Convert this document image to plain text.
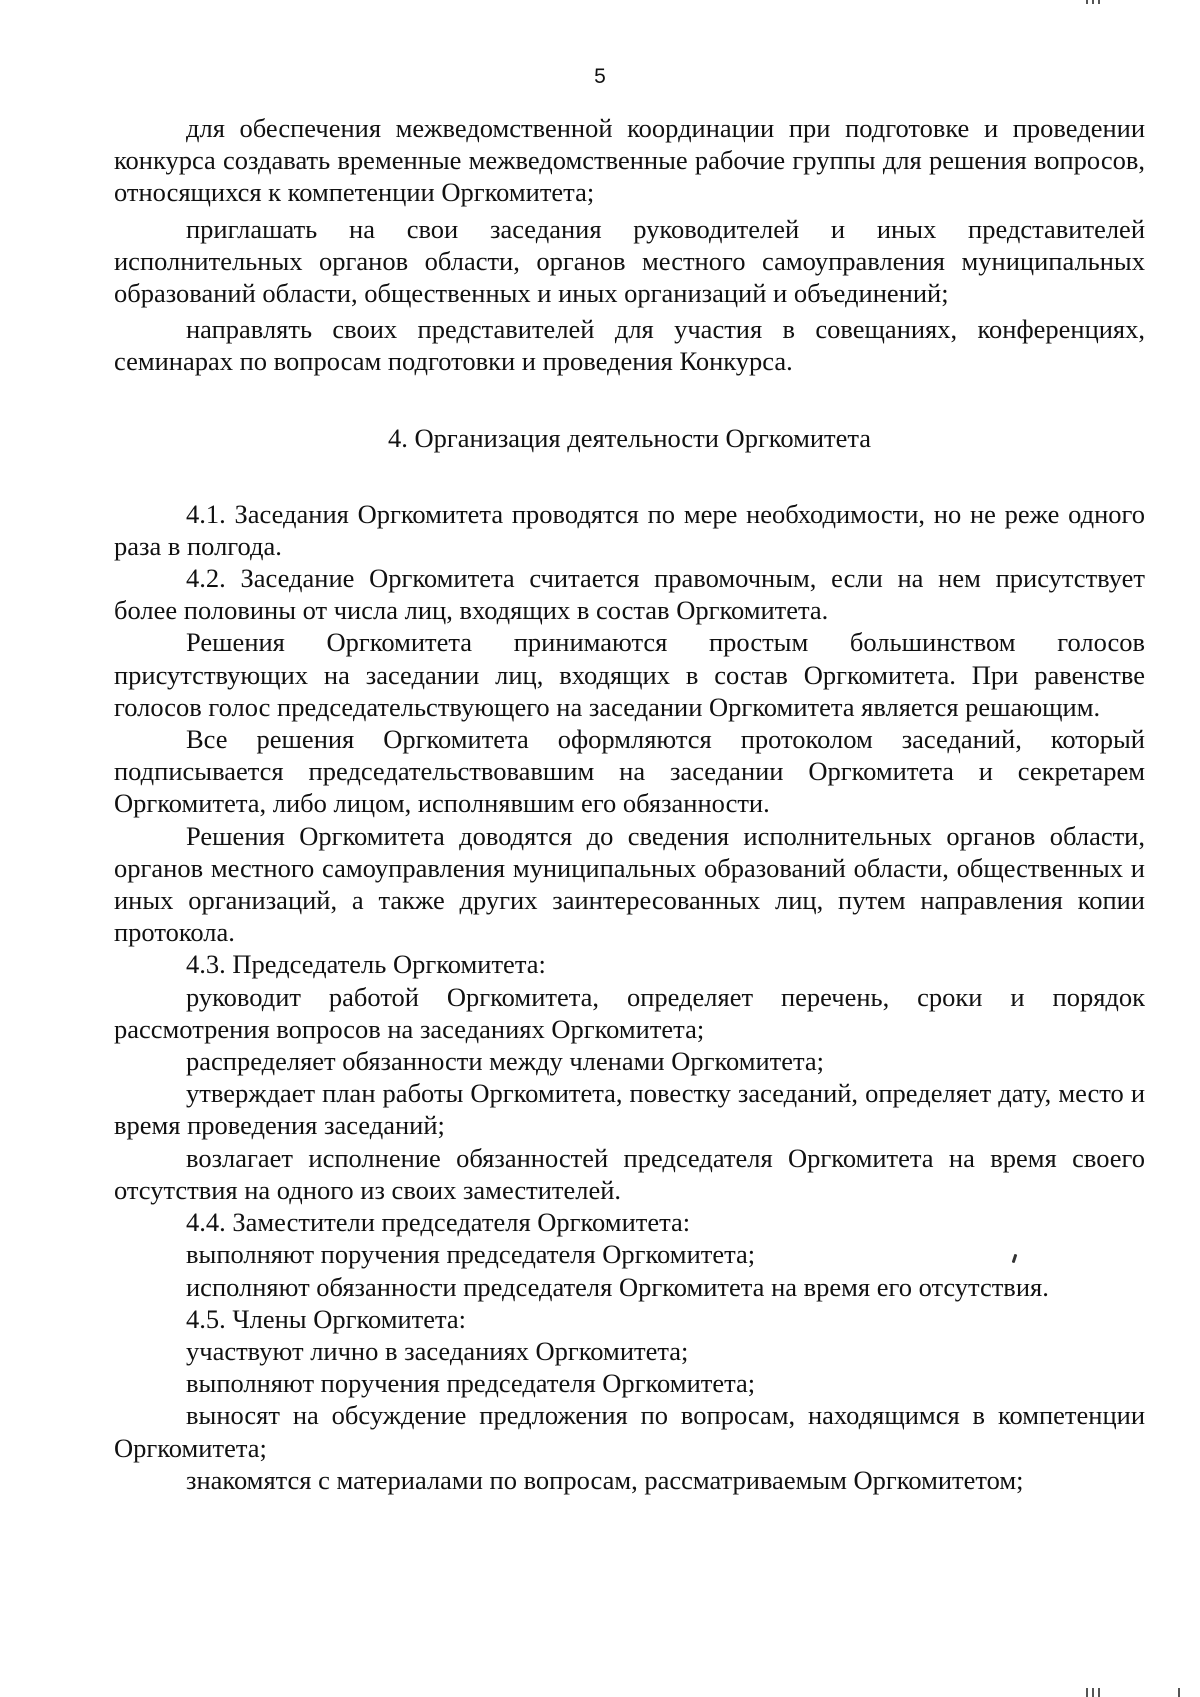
5

для обеспечения межведомственной координации при подготовке и проведении конкурса создавать временные межведомственные рабочие группы для решения вопросов, относящихся к компетенции Оргкомитета;

приглашать на свои заседания руководителей и иных представителей исполнительных органов области, органов местного самоуправления муниципальных образований области, общественных и иных организаций и объединений;

направлять своих представителей для участия в совещаниях, конференциях, семинарах по вопросам подготовки и проведения Конкурса.

4. Организация деятельности Оргкомитета

4.1. Заседания Оргкомитета проводятся по мере необходимости, но не реже одного раза в полгода.

4.2. Заседание Оргкомитета считается правомочным, если на нем присутствует более половины от числа лиц, входящих в состав Оргкомитета.

Решения Оргкомитета принимаются простым большинством голосов присутствующих на заседании лиц, входящих в состав Оргкомитета. При равенстве голосов голос председательствующего на заседании Оргкомитета является решающим.

Все решения Оргкомитета оформляются протоколом заседаний, который подписывается председательствовавшим на заседании Оргкомитета и секретарем Оргкомитета, либо лицом, исполнявшим его обязанности.

Решения Оргкомитета доводятся до сведения исполнительных органов области, органов местного самоуправления муниципальных образований области, общественных и иных организаций, а также других заинтересованных лиц, путем направления копии протокола.

4.3. Председатель Оргкомитета:

руководит работой Оргкомитета, определяет перечень, сроки и порядок рассмотрения вопросов на заседаниях Оргкомитета;

распределяет обязанности между членами Оргкомитета;

утверждает план работы Оргкомитета, повестку заседаний, определяет дату, место и время проведения заседаний;

возлагает исполнение обязанностей председателя Оргкомитета на время своего отсутствия на одного из своих заместителей.

4.4. Заместители председателя Оргкомитета:

выполняют поручения председателя Оргкомитета;

исполняют обязанности председателя Оргкомитета на время его отсутствия.

4.5. Члены Оргкомитета:

участвуют лично в заседаниях Оргкомитета;

выполняют поручения председателя Оргкомитета;

выносят на обсуждение предложения по вопросам, находящимся в компетенции Оргкомитета;

знакомятся с материалами по вопросам, рассматриваемым Оргкомитетом;
